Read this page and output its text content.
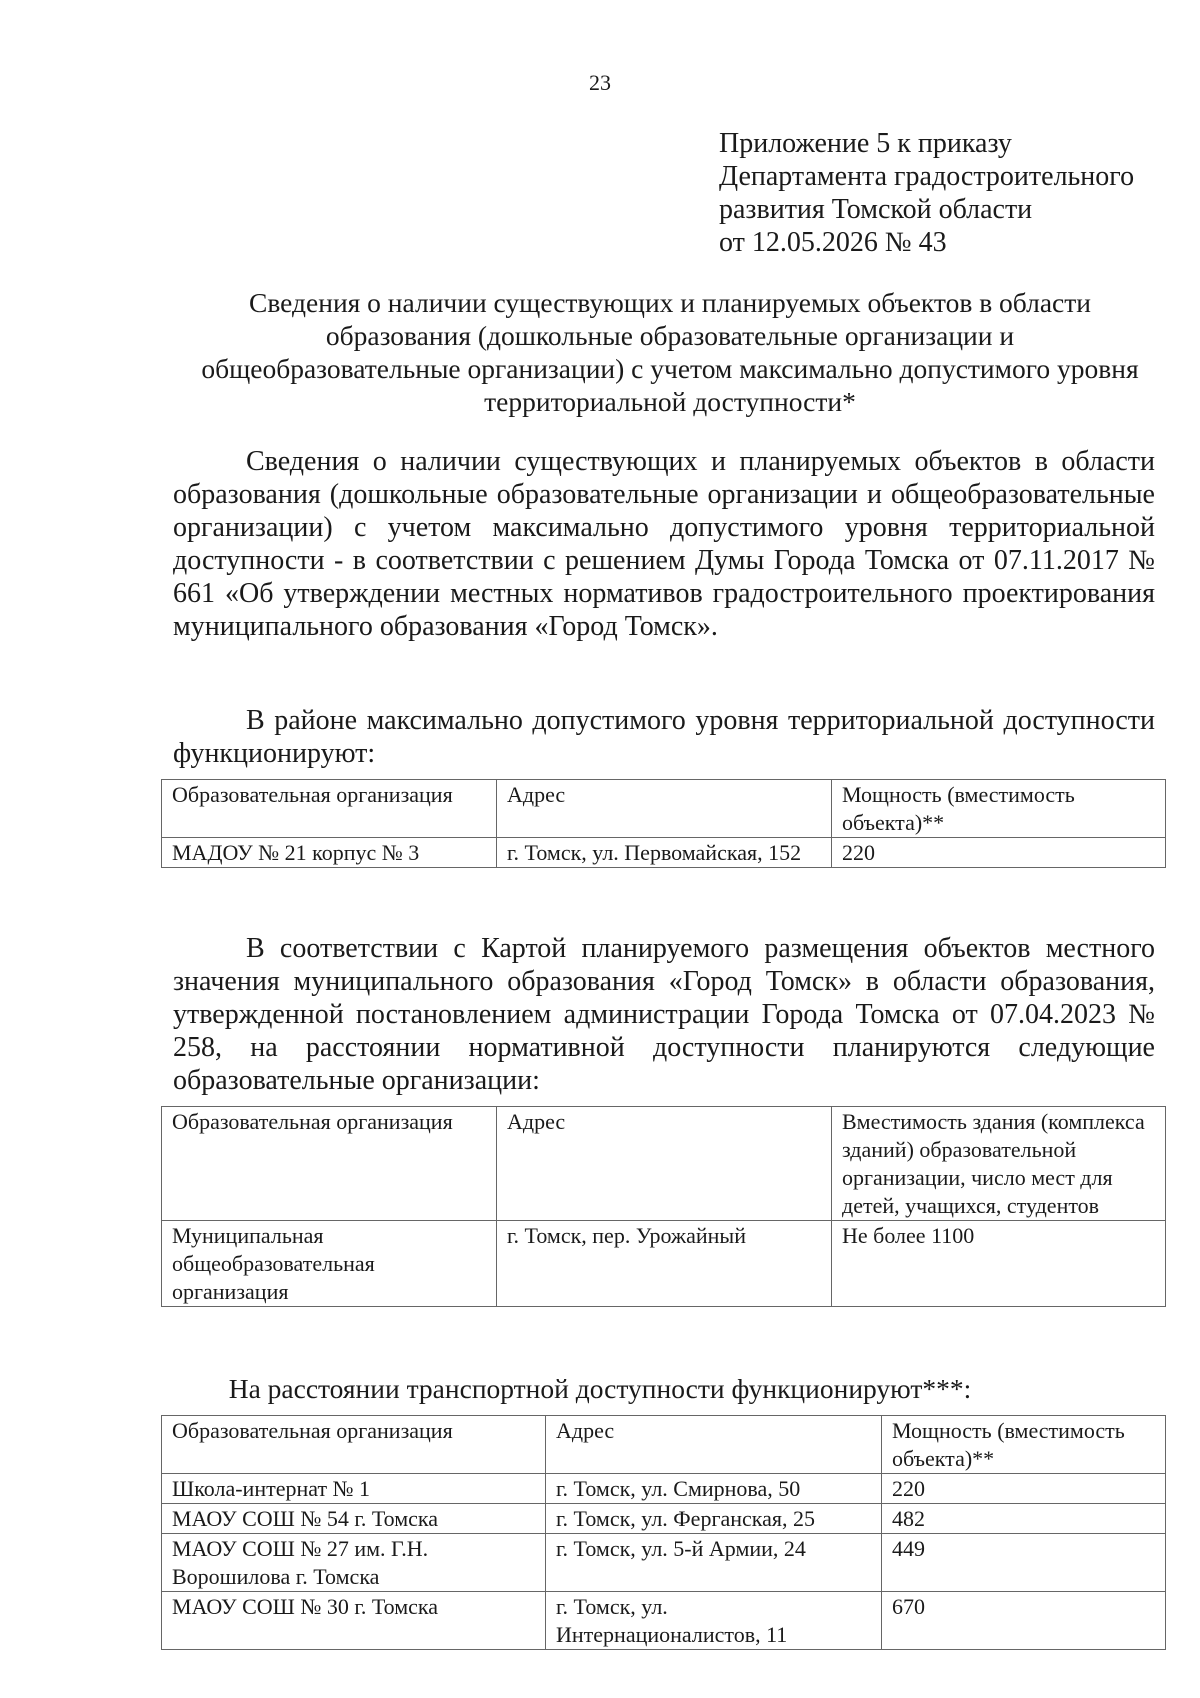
23
Приложение 5 к приказу
Департамента градостроительного
развития Томской области
от 12.05.2026 № 43
Сведения о наличии существующих и планируемых объектов в области
образования (дошкольные образовательные организации и
общеобразовательные организации) с учетом максимально допустимого уровня
территориальной доступности*
Сведения о наличии существующих и планируемых объектов в области образования (дошкольные образовательные организации и общеобразовательные организации) с учетом максимально допустимого уровня территориальной доступности - в соответствии с решением Думы Города Томска от 07.11.2017 № 661 «Об утверждении местных нормативов градостроительного проектирования муниципального образования «Город Томск».
В районе максимально допустимого уровня территориальной доступности функционируют:
Образовательная организация	Адрес	Мощность (вместимость объекта)**
МАДОУ № 21 корпус № 3	г. Томск, ул. Первомайская, 152	220
В соответствии с Картой планируемого размещения объектов местного значения муниципального образования «Город Томск» в области образования, утвержденной постановлением администрации Города Томска от 07.04.2023 № 258, на расстоянии нормативной доступности планируются следующие образовательные организации:
Образовательная организация	Адрес	Вместимость здания (комплекса зданий) образовательной организации, число мест для детей, учащихся, студентов
Муниципальная общеобразовательная организация	г. Томск, пер. Урожайный	Не более 1100
На расстоянии транспортной доступности функционируют***:
Образовательная организация	Адрес	Мощность (вместимость объекта)**
Школа-интернат № 1	г. Томск, ул. Смирнова, 50	220
МАОУ СОШ № 54 г. Томска	г. Томск, ул. Ферганская, 25	482
МАОУ СОШ № 27 им. Г.Н. Ворошилова г. Томска	г. Томск, ул. 5-й Армии, 24	449
МАОУ СОШ № 30 г. Томска	г. Томск, ул. Интернационалистов, 11	670
